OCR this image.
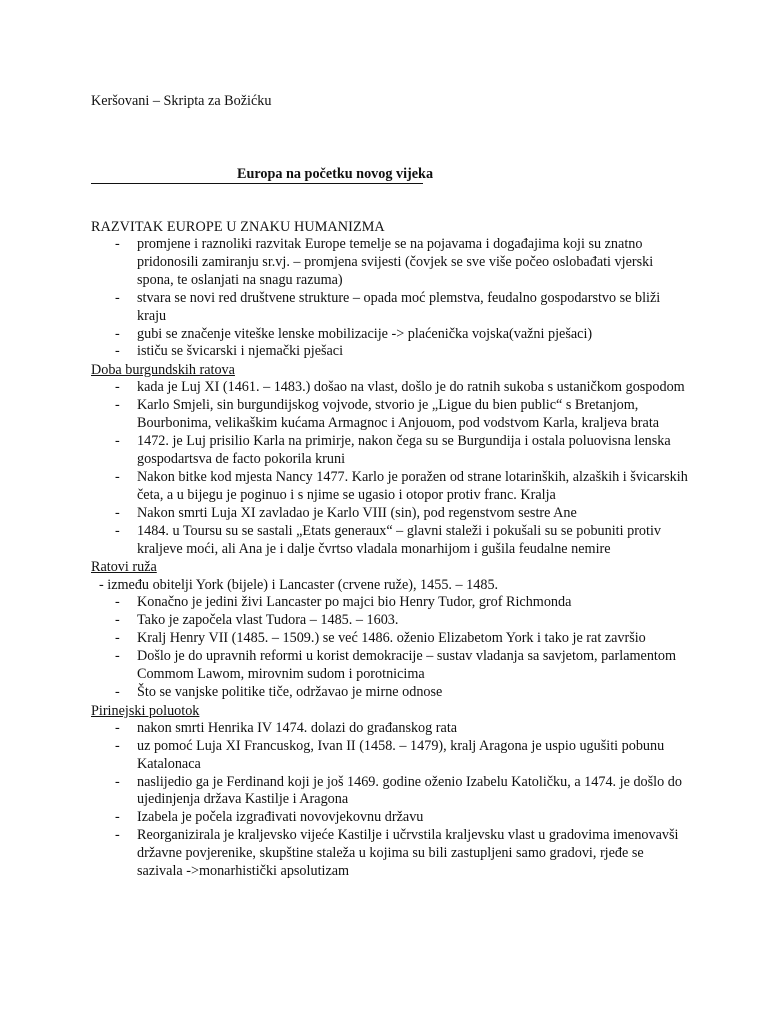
Keršovani – Skripta za Božićku
Europa na početku novog vijeka

RAZVITAK EUROPE U ZNAKU HUMANIZMA

- promjene i raznoliki razvitak Europe temelje se na pojavama i događajima koji su znatno pridonosili zamiranju sr.vj. – promjena svijesti (čovjek se sve više počeo oslobađati vjerski spona, te oslanjati na snagu razuma)
- stvara se novi red društvene strukture – opada moć plemstva, feudalno gospodarstvo se bliži kraju
- gubi se značenje viteške lenske mobilizacije -> plaćenička vojska(važni pješaci)
- ističu se švicarski i njemački pješaci

Doba burgundskih ratova

- kada je Luj XI (1461. – 1483.) došao na vlast, došlo je do ratnih sukoba s ustaničkom gospodom
- Karlo Smjeli, sin burgundijskog vojvode, stvorio je „Ligue du bien public“ s Bretanjom, Bourbonima, velikaškim kućama Armagnoc i Anjouom, pod vodstvom Karla, kraljeva brata
- 1472. je Luj prisilio Karla na primirje, nakon čega su se Burgundija i ostala poluovisna lenska gospodartsva de facto pokorila kruni
- Nakon bitke kod mjesta Nancy 1477. Karlo je poražen od strane lotarinških, alzaških i švicarskih četa, a u bijegu je poginuo i s njime se ugasio i otopor protiv franc. Kralja
- Nakon smrti Luja XI zavladao je Karlo VIII (sin), pod regenstvom sestre Ane
- 1484. u Toursu su se sastali „Etats generaux“ – glavni staleži i pokušali su se pobuniti protiv kraljeve moći, ali Ana je i dalje čvrtso vladala monarhijom i gušila feudalne nemire

Ratovi ruža

- između obitelji York (bijele) i Lancaster (crvene ruže), 1455. – 1485.
- Konačno je jedini živi Lancaster po majci bio Henry Tudor, grof Richmonda
- Tako je započela vlast Tudora – 1485. – 1603.
- Kralj Henry VII (1485. – 1509.) se već 1486. oženio Elizabetom York i tako je rat završio
- Došlo je do upravnih reformi u korist demokracije – sustav vladanja sa savjetom, parlamentom Commom Lawom, mirovnim sudom i porotnicima
- Što se vanjske politike tiče, održavao je mirne odnose

Pirinejski poluotok

- nakon smrti Henrika IV 1474. dolazi do građanskog rata
- uz pomoć Luja XI Francuskog, Ivan II (1458. – 1479), kralj Aragona je uspio ugušiti pobunu Katalonaca
- naslijedio ga je Ferdinand koji je još 1469. godine oženio Izabelu Katoličku, a 1474. je došlo do ujedinjenja država Kastilje i Aragona
- Izabela je počela izgrađivati novovjekovnu državu
- Reorganizirala je kraljevsko vijeće Kastilje i učrvstila kraljevsku vlast u gradovima imenovavši državne povjerenike, skupštine staleža u kojima su bili zastupljeni samo gradovi, rjeđe se sazivala ->monarhistički apsolutizam
